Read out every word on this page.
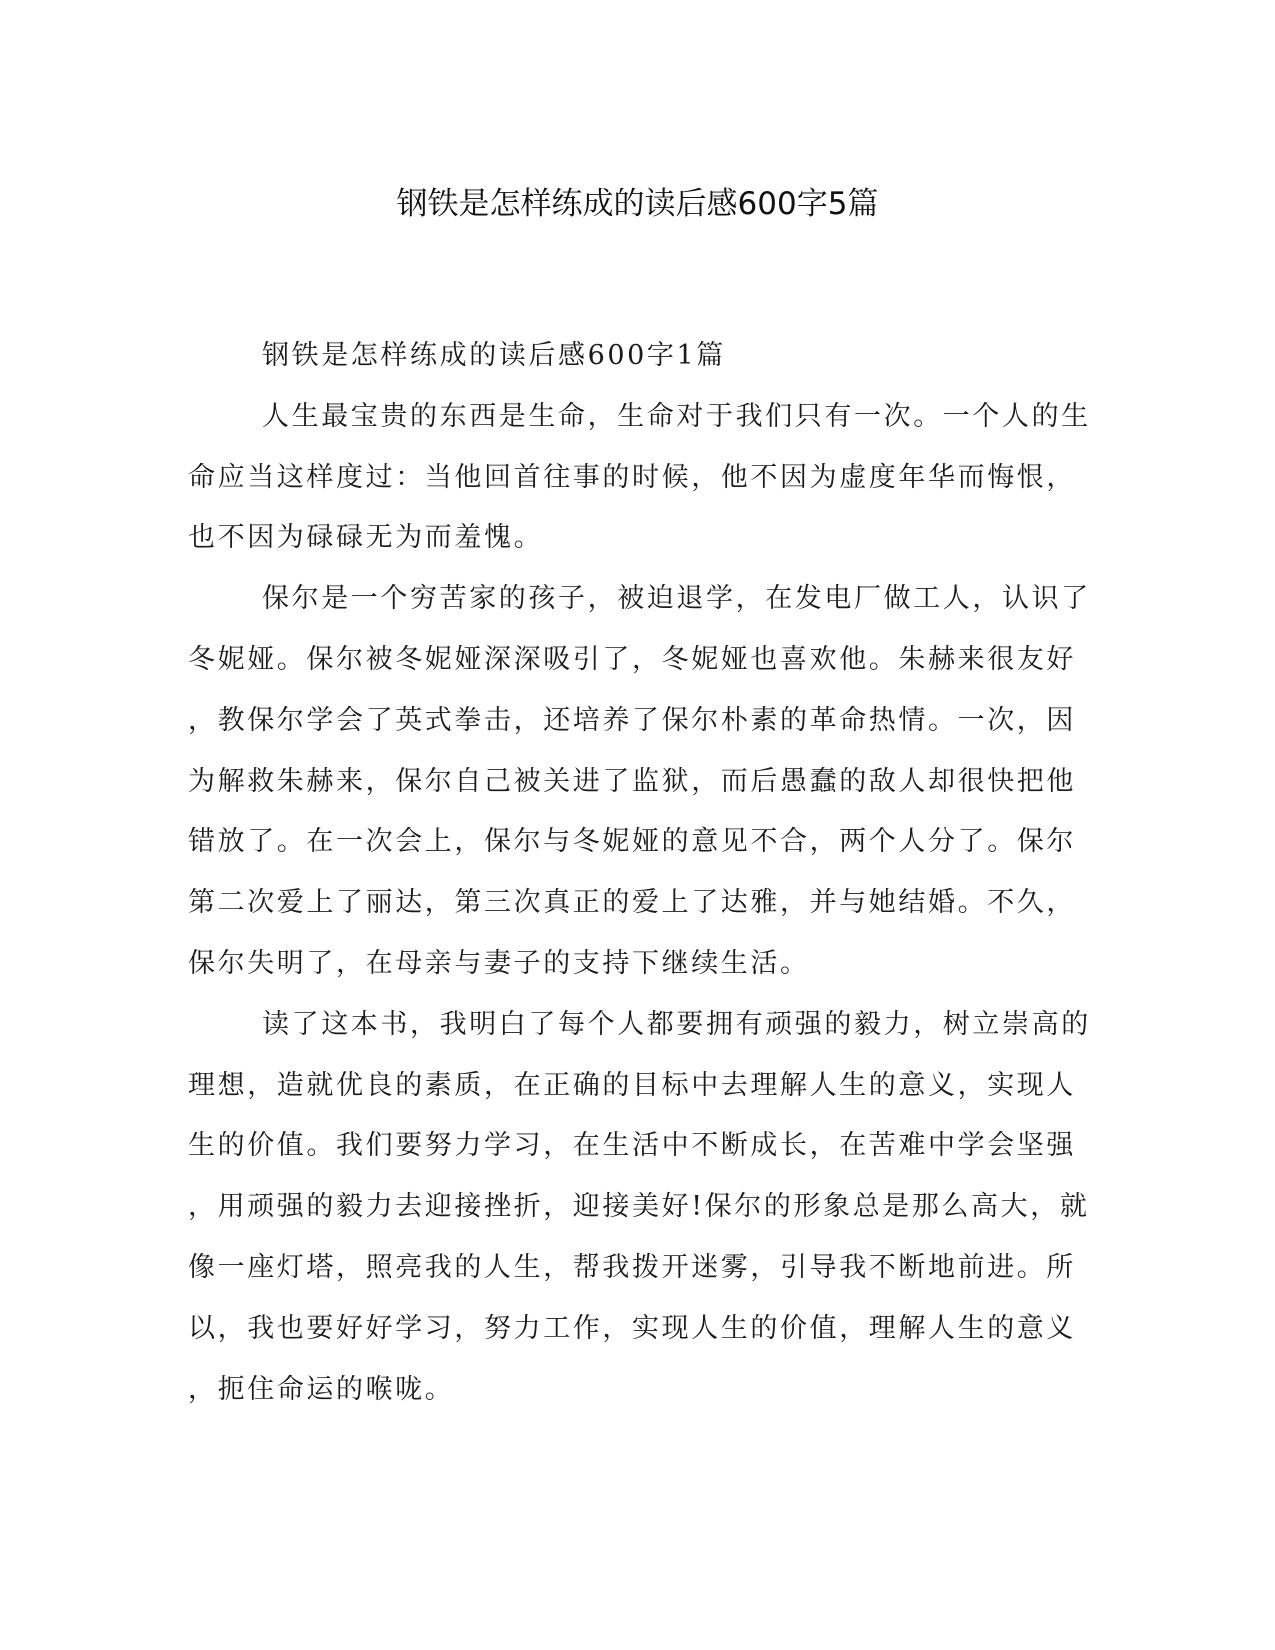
钢铁是怎样练成的读后感600字5篇
钢铁是怎样练成的读后感600字1篇
人生最宝贵的东西是生命，生命对于我们只有一次。一个人的生
命应当这样度过：当他回首往事的时候，他不因为虚度年华而悔恨，
也不因为碌碌无为而羞愧。
保尔是一个穷苦家的孩子，被迫退学，在发电厂做工人，认识了
冬妮娅。保尔被冬妮娅深深吸引了，冬妮娅也喜欢他。朱赫来很友好
，教保尔学会了英式拳击，还培养了保尔朴素的革命热情。一次，因
为解救朱赫来，保尔自己被关进了监狱，而后愚蠢的敌人却很快把他
错放了。在一次会上，保尔与冬妮娅的意见不合，两个人分了。保尔
第二次爱上了丽达，第三次真正的爱上了达雅，并与她结婚。不久，
保尔失明了，在母亲与妻子的支持下继续生活。
读了这本书，我明白了每个人都要拥有顽强的毅力，树立崇高的
理想，造就优良的素质，在正确的目标中去理解人生的意义，实现人
生的价值。我们要努力学习，在生活中不断成长，在苦难中学会坚强
，用顽强的毅力去迎接挫折，迎接美好!保尔的形象总是那么高大，就
像一座灯塔，照亮我的人生，帮我拨开迷雾，引导我不断地前进。所
以，我也要好好学习，努力工作，实现人生的价值，理解人生的意义
，扼住命运的喉咙。
